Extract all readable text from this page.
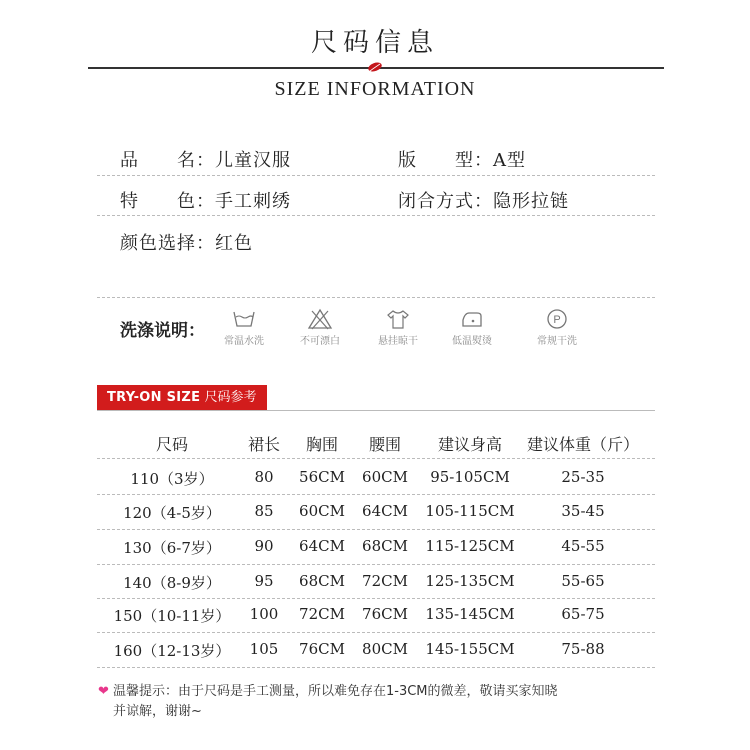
尺码信息
SIZE INFORMATION
品　　名：儿童汉服	版　　型：A型
特　　色：手工刺绣	闭合方式：隐形拉链
颜色选择：红色
洗涤说明：
常温水洗	不可漂白	悬挂晾干	低温熨烫
P
常规干洗
TRY-ON SIZE 尺码参考
尺码	裙长	胸围	腰围	建议身高	建议体重（斤）
110（3岁）	80	56CM	60CM	95-105CM	25-35
120（4-5岁）	85	60CM	64CM	105-115CM	35-45
130（6-7岁）	90	64CM	68CM	115-125CM	45-55
140（8-9岁）	95	68CM	72CM	125-135CM	55-65
150（10-11岁）	100	72CM	76CM	135-145CM	65-75
160（12-13岁）	105	76CM	80CM	145-155CM	75-88
❤ 温馨提示：由于尺码是手工测量，所以难免存在1-3CM的微差，敬请买家知晓
并谅解，谢谢~
